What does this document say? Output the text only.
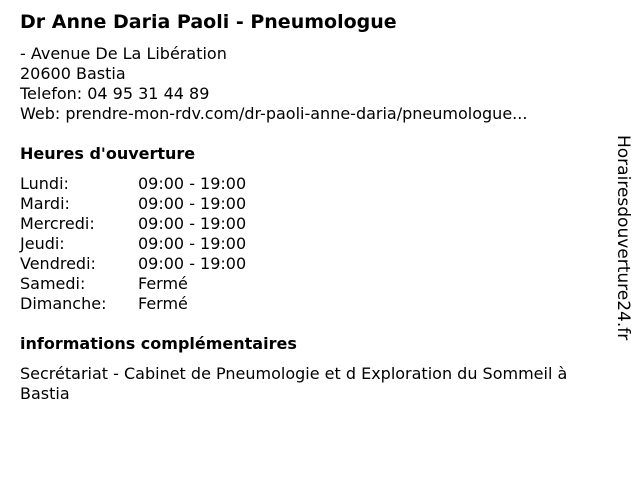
Dr Anne Daria Paoli - Pneumologue
- Avenue De La Libération
20600 Bastia
Telefon: 04 95 31 44 89
Web: prendre-mon-rdv.com/dr-paoli-anne-daria/pneumologue...
Heures d'ouverture
Lundi:	09:00 - 19:00
Mardi:	09:00 - 19:00
Mercredi:	09:00 - 19:00
Jeudi:	09:00 - 19:00
Vendredi:	09:00 - 19:00
Samedi:	Fermé
Dimanche:	Fermé
informations complémentaires
Secrétariat - Cabinet de Pneumologie et d Exploration du Sommeil à Bastia
Horairesdouverture24.fr
